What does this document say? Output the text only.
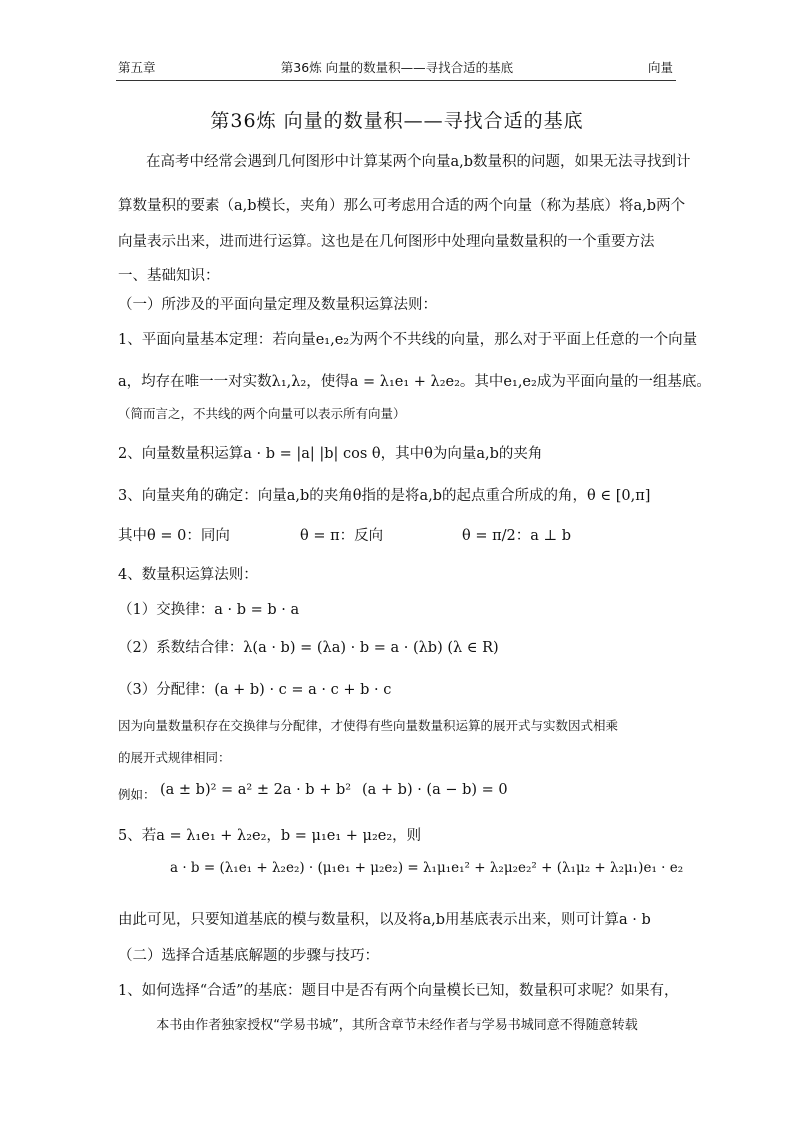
第五章	第36炼 向量的数量积——寻找合适的基底	向量
第36炼 向量的数量积——寻找合适的基底
在高考中经常会遇到几何图形中计算某两个向量a,b数量积的问题，如果无法寻找到计
算数量积的要素（a,b模长，夹角）那么可考虑用合适的两个向量（称为基底）将a,b两个
向量表示出来，进而进行运算。这也是在几何图形中处理向量数量积的一个重要方法
一、基础知识：
（一）所涉及的平面向量定理及数量积运算法则：
1、平面向量基本定理：若向量e₁,e₂为两个不共线的向量，那么对于平面上任意的一个向量
a，均存在唯一一对实数λ₁,λ₂，使得a = λ₁e₁ + λ₂e₂。其中e₁,e₂成为平面向量的一组基底。
（简而言之，不共线的两个向量可以表示所有向量）
2、向量数量积运算a · b = |a| |b| cos θ，其中θ为向量a,b的夹角
3、向量夹角的确定：向量a,b的夹角θ指的是将a,b的起点重合所成的角，θ ∈ [0,π]
其中θ = 0：同向	θ = π：反向	θ = π/2：a ⊥ b
4、数量积运算法则：
（1）交换律：a · b = b · a
（2）系数结合律：λ(a · b) = (λa) · b = a · (λb) (λ ∈ R)
（3）分配律：(a + b) · c = a · c + b · c
因为向量数量积存在交换律与分配律，才使得有些向量数量积运算的展开式与实数因式相乘
的展开式规律相同：
例如： (a ± b)² = a² ± 2a · b + b² (a + b) · (a − b) = 0
5、若a = λ₁e₁ + λ₂e₂，b = μ₁e₁ + μ₂e₂，则
a · b = (λ₁e₁ + λ₂e₂) · (μ₁e₁ + μ₂e₂) = λ₁μ₁e₁² + λ₂μ₂e₂² + (λ₁μ₂ + λ₂μ₁)e₁ · e₂
由此可见，只要知道基底的模与数量积，以及将a,b用基底表示出来，则可计算a · b
（二）选择合适基底解题的步骤与技巧：
1、如何选择“合适”的基底：题目中是否有两个向量模长已知，数量积可求呢？如果有，
本书由作者独家授权“学易书城”，其所含章节未经作者与学易书城同意不得随意转载
